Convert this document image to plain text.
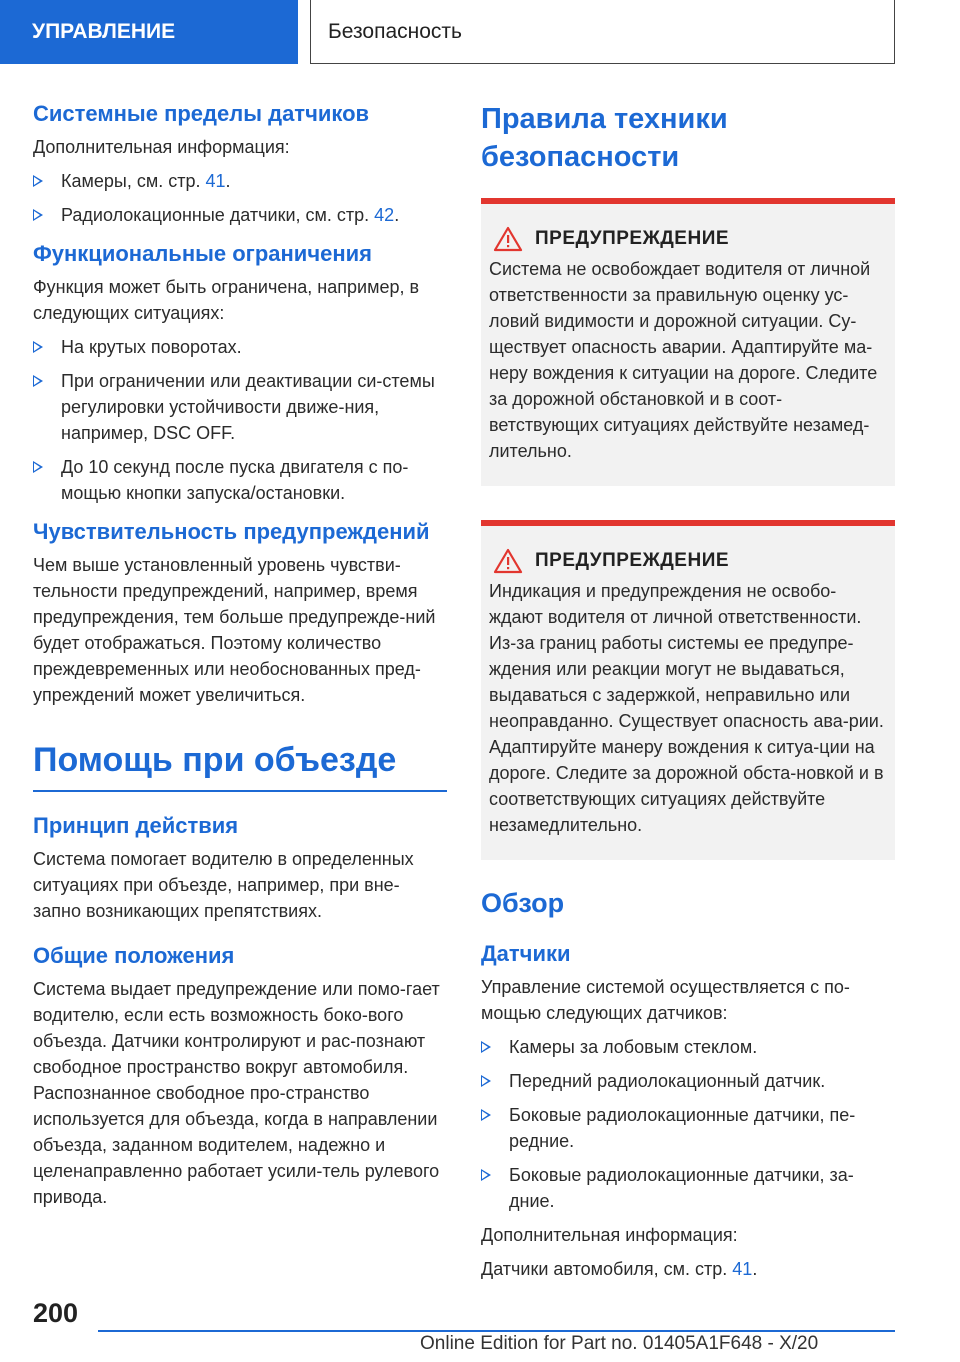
УПРАВЛЕНИЕ	Безопасность
Системные пределы датчиков

Дополнительная информация:

Камеры, см. стр. 41.
Радиолокационные датчики, см. стр. 42.
Функциональные ограничения

Функция может быть ограничена, например, в следующих ситуациях:

На крутых поворотах.
При ограничении или деактивации си-стемы регулировки устойчивости движе-ния, например, DSC OFF.
До 10 секунд после пуска двигателя с по-мощью кнопки запуска/остановки.
Чувствительность предупреждений

Чем выше установленный уровень чувстви-тельности предупреждений, например, время предупреждения, тем больше предупрежде-ний будет отображаться. Поэтому количество преждевременных или необоснованных пред-упреждений может увеличиться.

Помощь при объезде
Принцип действия

Система помогает водителю в определенных ситуациях при объезде, например, при вне-запно возникающих препятствиях.

Общие положения

Система выдает предупреждение или помо-гает водителю, если есть возможность боко-вого объезда. Датчики контролируют и рас-познают свободное пространство вокруг автомобиля. Распознанное свободное про-странство используется для объезда, когда в направлении объезда, заданном водителем, надежно и целенаправленно работает усили-тель рулевого привода.

Правила техники безопасности
ПРЕДУПРЕЖДЕНИЕ

Система не освобождает водителя от личной ответственности за правильную оценку ус-ловий видимости и дорожной ситуации. Су-ществует опасность аварии. Адаптируйте ма-неру вождения к ситуации на дороге. Следите за дорожной обстановкой и в соот-ветствующих ситуациях действуйте незамед-лительно.

ПРЕДУПРЕЖДЕНИЕ

Индикация и предупреждения не освобо-ждают водителя от личной ответственности. Из-за границ работы системы ее предупре-ждения или реакции могут не выдаваться, выдаваться с задержкой, неправильно или неоправданно. Существует опасность ава-рии. Адаптируйте манеру вождения к ситуа-ции на дороге. Следите за дорожной обста-новкой и в соответствующих ситуациях действуйте незамедлительно.

Обзор
Датчики

Управление системой осуществляется с по-мощью следующих датчиков:

Камеры за лобовым стеклом.
Передний радиолокационный датчик.
Боковые радиолокационные датчики, пе-редние.
Боковые радиолокационные датчики, за-дние.

Дополнительная информация:

Датчики автомобиля, см. стр. 41.

200
Online Edition for Part no. 01405A1F648 - X/20
